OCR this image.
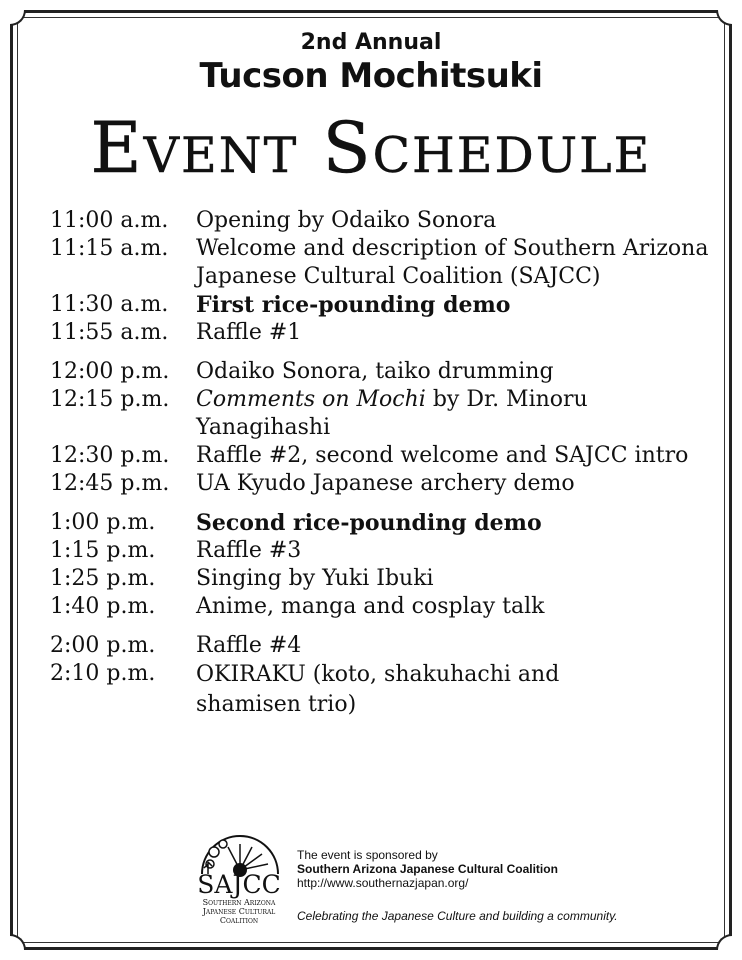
2nd Annual
Tucson Mochitsuki
Event Schedule
11:00 a.m.	Opening by Odaiko Sonora
11:15 a.m.	Welcome and description of Southern Arizona Japanese Cultural Coalition (SAJCC)
11:30 a.m.	First rice-pounding demo
11:55 a.m.	Raffle #1
12:00 p.m.	Odaiko Sonora, taiko drumming
12:15 p.m.	Comments on Mochi by Dr. Minoru Yanagihashi
12:30 p.m.	Raffle #2, second welcome and SAJCC intro
12:45 p.m.	UA Kyudo Japanese archery demo
1:00 p.m.	Second rice-pounding demo
1:15 p.m.	Raffle #3
1:25 p.m.	Singing by Yuki Ibuki
1:40 p.m.	Anime, manga and cosplay talk
2:00 p.m.	Raffle #4
2:10 p.m.	OKIRAKU (koto, shakuhachi and shamisen trio)
SAJCC
Southern Arizona
Japanese Cultural
Coalition
The event is sponsored by
Southern Arizona Japanese Cultural Coalition
http://www.southernazjapan.org/
Celebrating the Japanese Culture and building a community.
